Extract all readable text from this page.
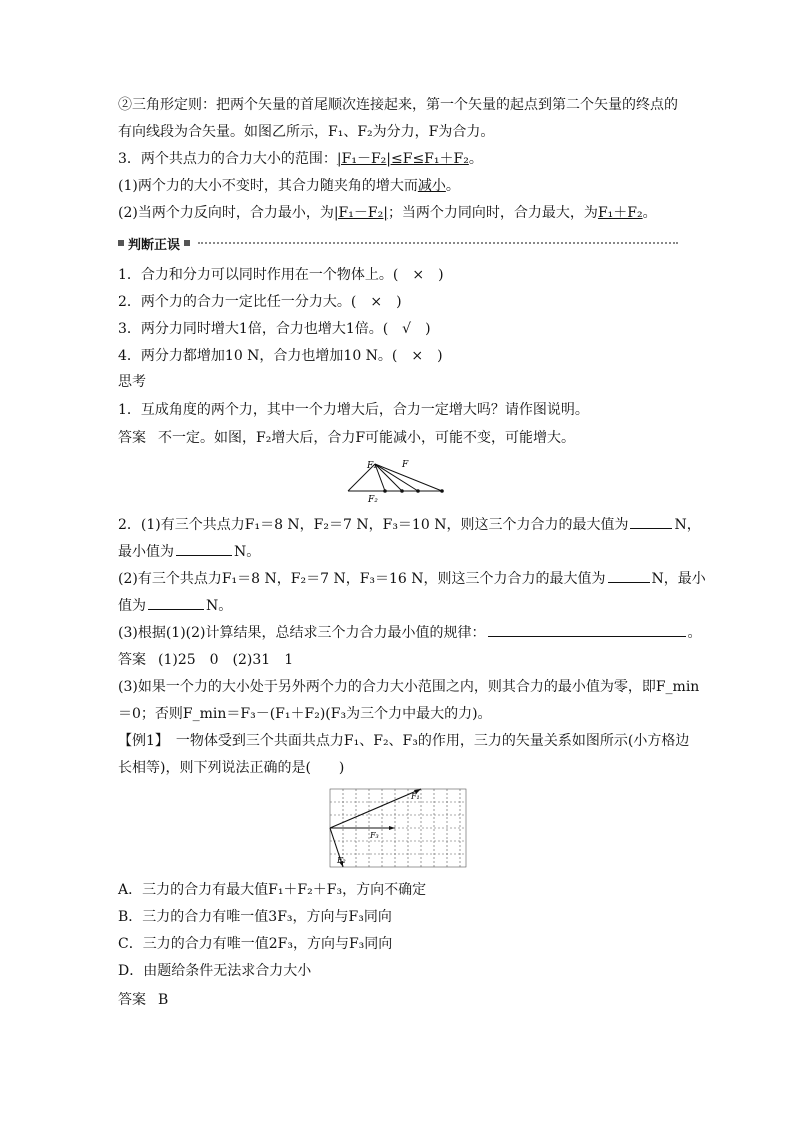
②三角形定则：把两个矢量的首尾顺次连接起来，第一个矢量的起点到第二个矢量的终点的
有向线段为合矢量。如图乙所示，F₁、F₂为分力，F为合力。
3．两个共点力的合力大小的范围：|F₁－F₂|≤F≤F₁＋F₂。
(1)两个力的大小不变时，其合力随夹角的增大而减小。
(2)当两个力反向时，合力最小，为|F₁－F₂|；当两个力同向时，合力最大，为F₁＋F₂。
判断正误
1．合力和分力可以同时作用在一个物体上。(　×　)
2．两个力的合力一定比任一分力大。(　×　)
3．两分力同时增大1倍，合力也增大1倍。(　√　)
4．两分力都增加10 N，合力也增加10 N。(　×　)
思考
1．互成角度的两个力，其中一个力增大后，合力一定增大吗？请作图说明。
答案 不一定。如图，F₂增大后，合力F可能减小，可能不变，可能增大。
F₁	F
F₂
2．(1)有三个共点力F₁＝8 N，F₂＝7 N，F₃＝10 N，则这三个力合力的最大值为	N，
最小值为	N。
(2)有三个共点力F₁＝8 N，F₂＝7 N，F₃＝16 N，则这三个力合力的最大值为	N，最小
值为	N。
(3)根据(1)(2)计算结果，总结求三个力合力最小值的规律：	。
答案 (1)25　0　(2)31　1
(3)如果一个力的大小处于另外两个力的合力大小范围之内，则其合力的最小值为零，即F_min
＝0；否则F_min＝F₃－(F₁＋F₂)(F₃为三个力中最大的力)。
【例1】　一物体受到三个共面共点力F₁、F₂、F₃的作用，三力的矢量关系如图所示(小方格边
长相等)，则下列说法正确的是(　　)
F₁
F₃
F₂
A．三力的合力有最大值F₁＋F₂＋F₃，方向不确定
B．三力的合力有唯一值3F₃，方向与F₃同向
C．三力的合力有唯一值2F₃，方向与F₃同向
D．由题给条件无法求合力大小
答案 B
